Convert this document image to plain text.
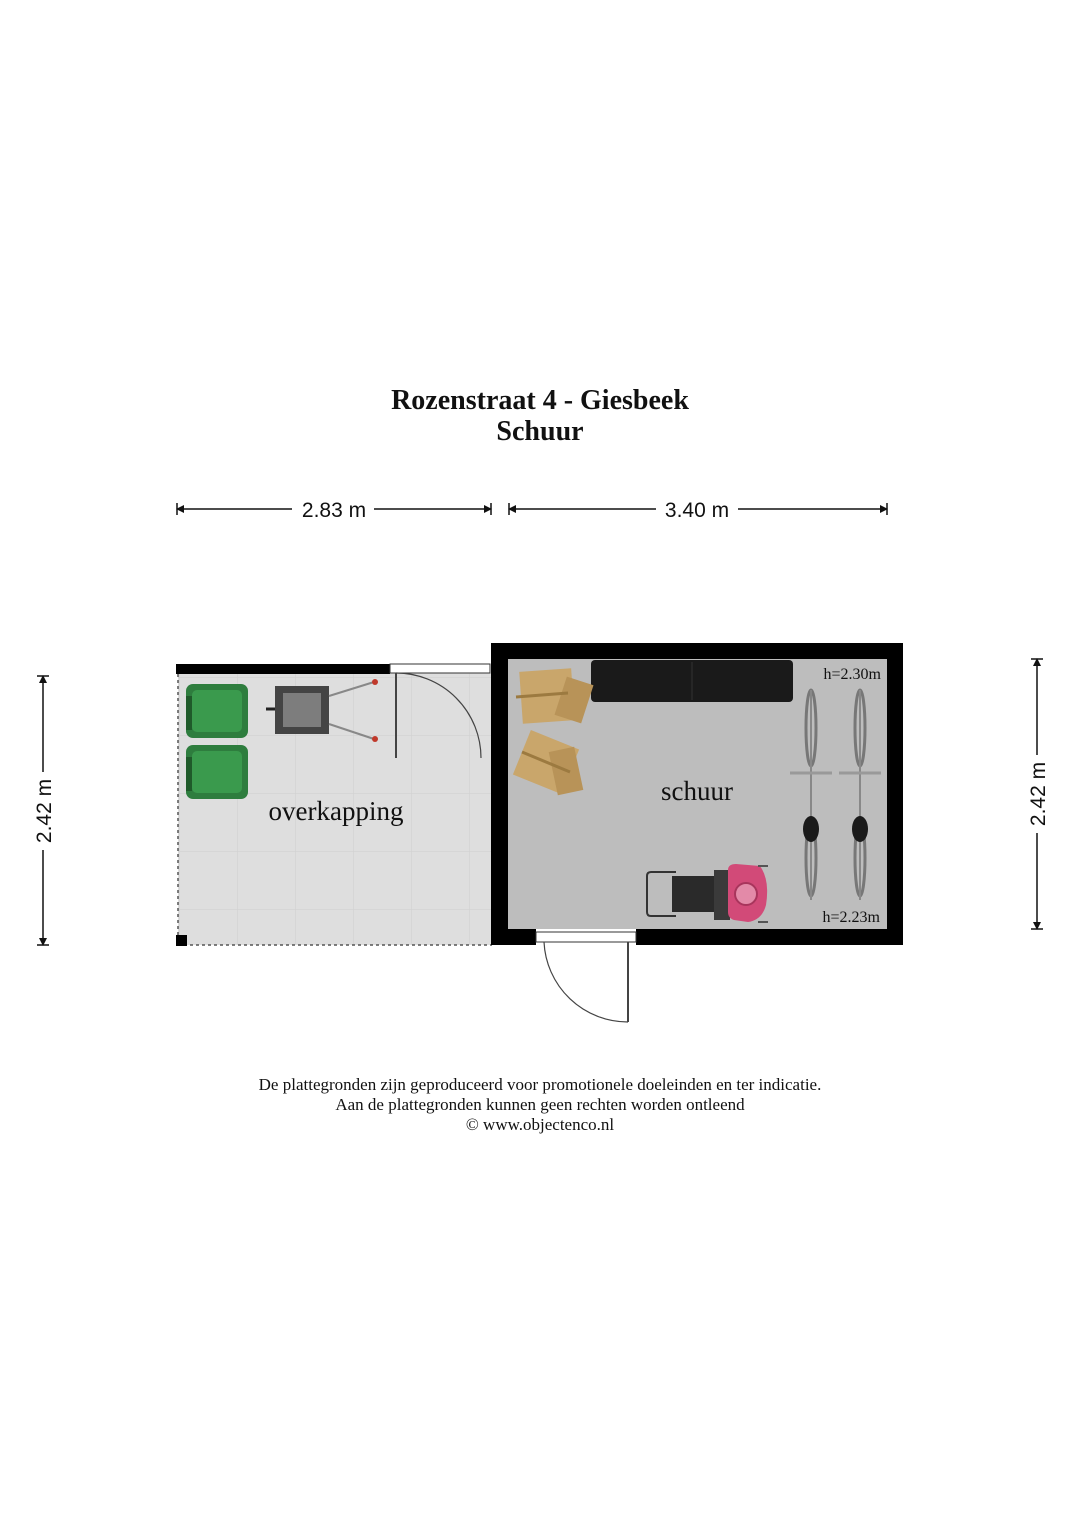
Rozenstraat 4 - Giesbeek
Schuur
2.83 m	3.40 m
2.42 m	2.42 m
overkapping
schuur
h=2.30m
h=2.23m
De plattegronden zijn geproduceerd voor promotionele doeleinden en ter indicatie.
Aan de plattegronden kunnen geen rechten worden ontleend
© www.objectenco.nl
